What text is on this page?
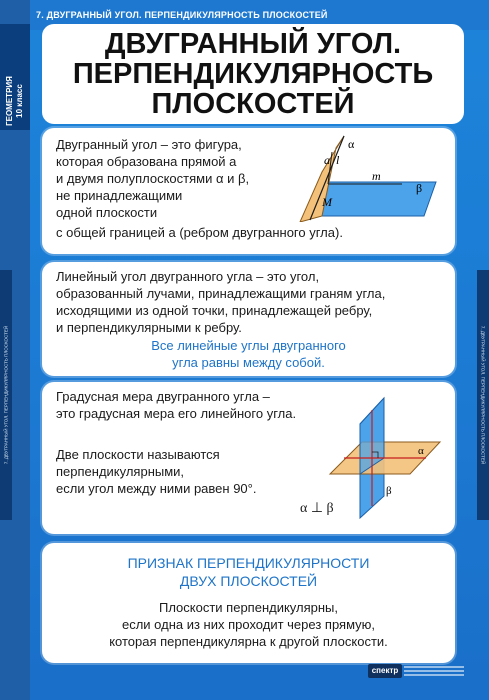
7. ДВУГРАННЫЙ УГОЛ. ПЕРПЕНДИКУЛЯРНОСТЬ ПЛОСКОСТЕЙ
ГЕОМЕТРИЯ 10 класс
7. ДВУГРАННЫЙ УГОЛ. ПЕРПЕНДИКУЛЯРНОСТЬ ПЛОСКОСТЕЙ	7. ДВУГРАННЫЙ УГОЛ. ПЕРПЕНДИКУЛЯРНОСТЬ ПЛОСКОСТЕЙ
ДВУГРАННЫЙ УГОЛ.
ПЕРПЕНДИКУЛЯРНОСТЬ
ПЛОСКОСТЕЙ
Двугранный угол – это фигура,
которая образована прямой a
и двумя полуплоскостями α и β,
не принадлежащими
одной плоскости
с общей границей a (ребром двугранного угла).
a l
m
M
α
β
Линейный угол двугранного угла – это угол,
образованный лучами, принадлежащими граням угла,
исходящими из одной точки, принадлежащей ребру,
и перпендикулярными к ребру.
Все линейные углы двугранного
угла равны между собой.
Градусная мера двугранного угла –
это градусная мера его линейного угла.
Две плоскости называются
перпендикулярными,
если угол между ними равен 90°.
α ⊥ β
α
β
ПРИЗНАК ПЕРПЕНДИКУЛЯРНОСТИ
ДВУХ ПЛОСКОСТЕЙ
Плоскости перпендикулярны,
если одна из них проходит через прямую,
которая перпендикулярна к другой плоскости.
спектр
